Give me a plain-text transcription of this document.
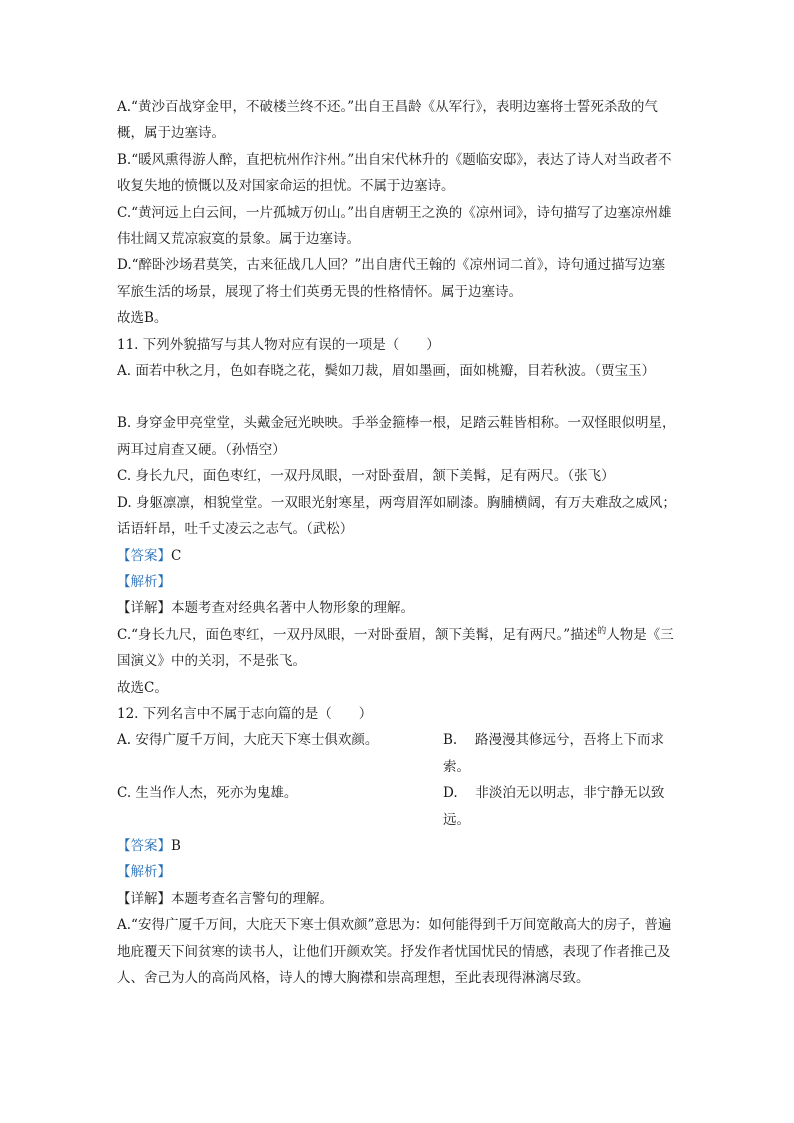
A.“黄沙百战穿金甲，不破楼兰终不还。”出自王昌龄《从军行》，表明边塞将士誓死杀敌的气概，属于边塞诗。

B.“暖风熏得游人醉，直把杭州作汴州。”出自宋代林升的《题临安邸》，表达了诗人对当政者不收复失地的愤慨以及对国家命运的担忧。不属于边塞诗。

C.“黄河远上白云间，一片孤城万仞山。”出自唐朝王之涣的《凉州词》，诗句描写了边塞凉州雄伟壮阔又荒凉寂寞的景象。属于边塞诗。

D.“醉卧沙场君莫笑，古来征战几人回？”出自唐代王翰的《凉州词二首》，诗句通过描写边塞军旅生活的场景，展现了将士们英勇无畏的性格情怀。属于边塞诗。

故选B。

11. 下列外貌描写与其人物对应有误的一项是（　　）

A. 面若中秋之月，色如春晓之花，鬓如刀裁，眉如墨画，面如桃瓣，目若秋波。（贾宝玉）

B. 身穿金甲亮堂堂，头戴金冠光映映。手举金箍棒一根，足踏云鞋皆相称。一双怪眼似明星，两耳过肩查又硬。（孙悟空）

C. 身长九尺，面色枣红，一双丹凤眼，一对卧蚕眉，颔下美髯，足有两尺。（张飞）

D. 身躯凛凛，相貌堂堂。一双眼光射寒星，两弯眉浑如刷漆。胸脯横阔，有万夫难敌之威风；话语轩昂，吐千丈凌云之志气。（武松）

【答案】C

【解析】

【详解】本题考查对经典名著中人物形象的理解。

C.“身长九尺，面色枣红，一双丹凤眼，一对卧蚕眉，颔下美髯，足有两尺。”描述$^的$人物是《三国演义》中的关羽，不是张飞。

故选C。

12. 下列名言中不属于志向篇的是（　　）

A. 安得广厦千万间，大庇天下寒士俱欢颜。	B.　 路漫漫其修远兮，吾将上下而求索。
C. 生当作人杰，死亦为鬼雄。	D.　 非淡泊无以明志，非宁静无以致远。

【答案】B

【解析】

【详解】本题考查名言警句的理解。

A.“安得广厦千万间，大庇天下寒士俱欢颜”意思为：如何能得到千万间宽敞高大的房子，普遍地庇覆天下间贫寒的读书人，让他们开颜欢笑。抒发作者忧国忧民的情感，表现了作者推己及人、舍己为人的高尚风格，诗人的博大胸襟和崇高理想，至此表现得淋漓尽致。
